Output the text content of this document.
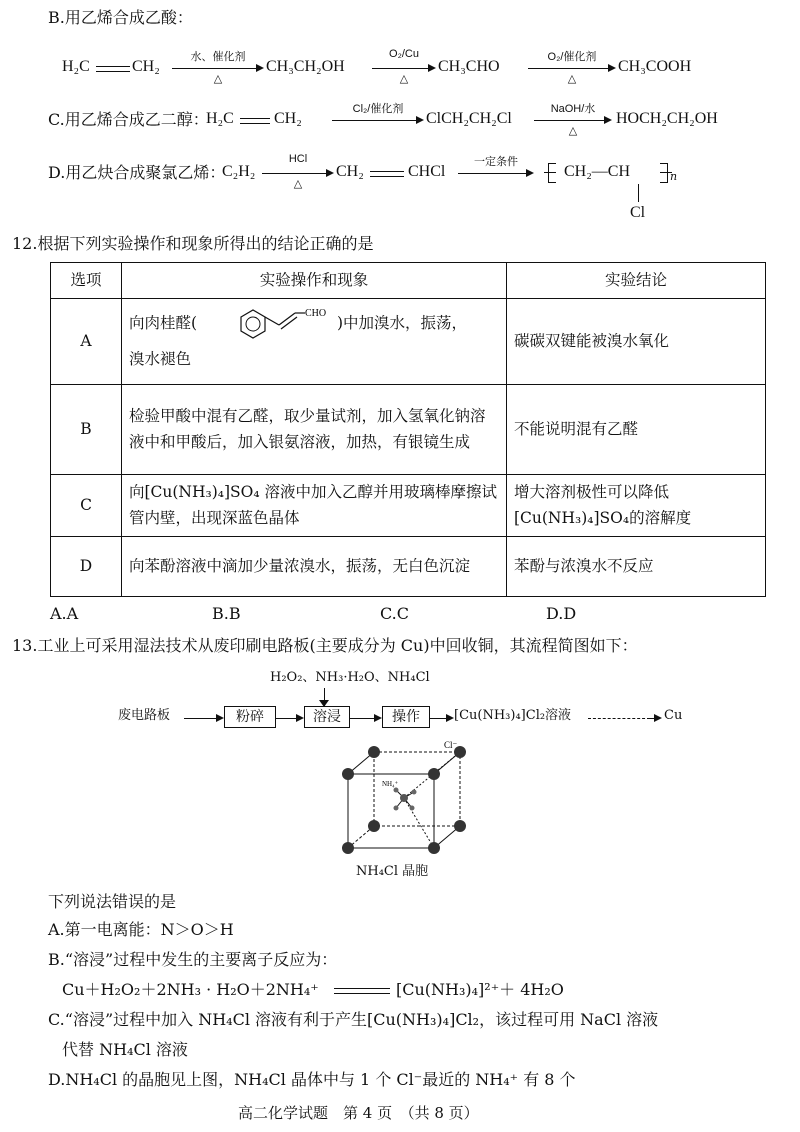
B.用乙烯合成乙酸：
H₂C	CH₂
水、催化剂
△
CH₃CH₂OH
O₂/Cu
△
CH₃CHO
O₂/催化剂
△
CH₃COOH
C.用乙烯合成乙二醇：
H₂C	CH₂
Cl₂/催化剂
ClCH₂CH₂Cl
NaOH/水
△
HOCH₂CH₂OH
D.用乙炔合成聚氯乙烯：
C₂H₂
HCl
△
CH₂	CHCl
一定条件
CH₂—CH	n
Cl
12.根据下列实验操作和现象所得出的结论正确的是
选项	实验操作和现象	实验结论
A	向肉桂醛(
CHO
)中加溴水，振荡，
溴水褪色	碳碳双键能被溴水氧化
B	检验甲酸中混有乙醛，取少量试剂，加入氢氧化钠溶液中和甲酸后，加入银氨溶液，加热，有银镜生成	不能说明混有乙醛
C	向[Cu(NH₃)₄]SO₄ 溶液中加入乙醇并用玻璃棒摩擦试管内壁，出现深蓝色晶体	增大溶剂极性可以降低[Cu(NH₃)₄]SO₄的溶解度
D	向苯酚溶液中滴加少量浓溴水，振荡，无白色沉淀	苯酚与浓溴水不反应
A.A	B.B	C.C	D.D
13.工业上可采用湿法技术从废印刷电路板(主要成分为 Cu)中回收铜，其流程简图如下：
H₂O₂、NH₃·H₂O、NH₄Cl
废电路板	粉碎	溶浸	操作	[Cu(NH₃)₄]Cl₂溶液	Cu
Cl⁻
NH₄⁺
NH₄Cl 晶胞
下列说法错误的是
A.第一电离能：N＞O＞H
B.“溶浸”过程中发生的主要离子反应为：
Cu＋H₂O₂＋2NH₃ · H₂O＋2NH₄⁺	[Cu(NH₃)₄]²⁺＋ 4H₂O
C.“溶浸”过程中加入 NH₄Cl 溶液有利于产生[Cu(NH₃)₄]Cl₂，该过程可用 NaCl 溶液
代替 NH₄Cl 溶液
D.NH₄Cl 的晶胞见上图，NH₄Cl 晶体中与 1 个 Cl⁻最近的 NH₄⁺ 有 8 个
高二化学试题　第 4 页　（共 8 页）
